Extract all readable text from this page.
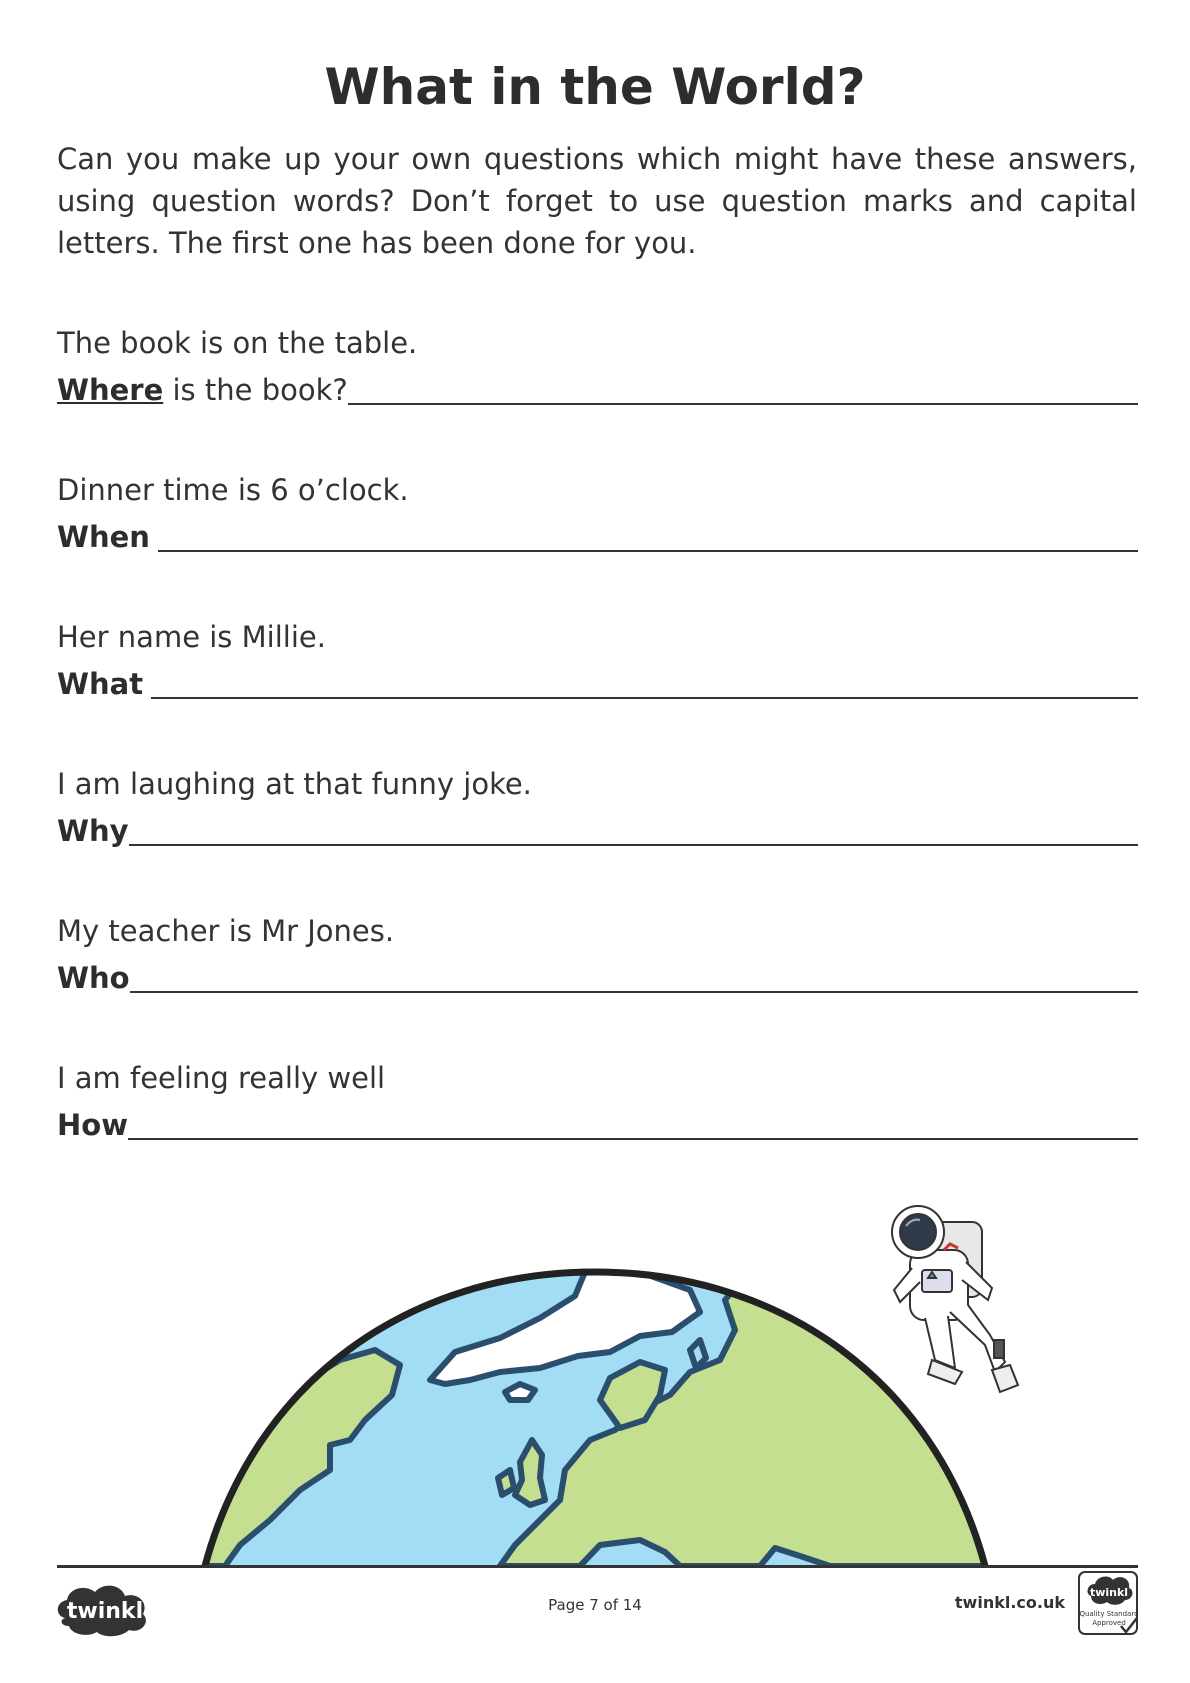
What in the World?

Can you make up your own questions which might have these answers, using question words? Don’t forget to use question marks and capital letters. The first one has been done for you.

The book is on the table.

Where is the book?

Dinner time is 6 o’clock.

When

Her name is Millie.

What

I am laughing at that funny joke.

Why

My teacher is Mr Jones.

Who

I am feeling really well

How
twinkl	Page 7 of 14	twinkl.co.uk
twinkl
Quality Standard
Approved
